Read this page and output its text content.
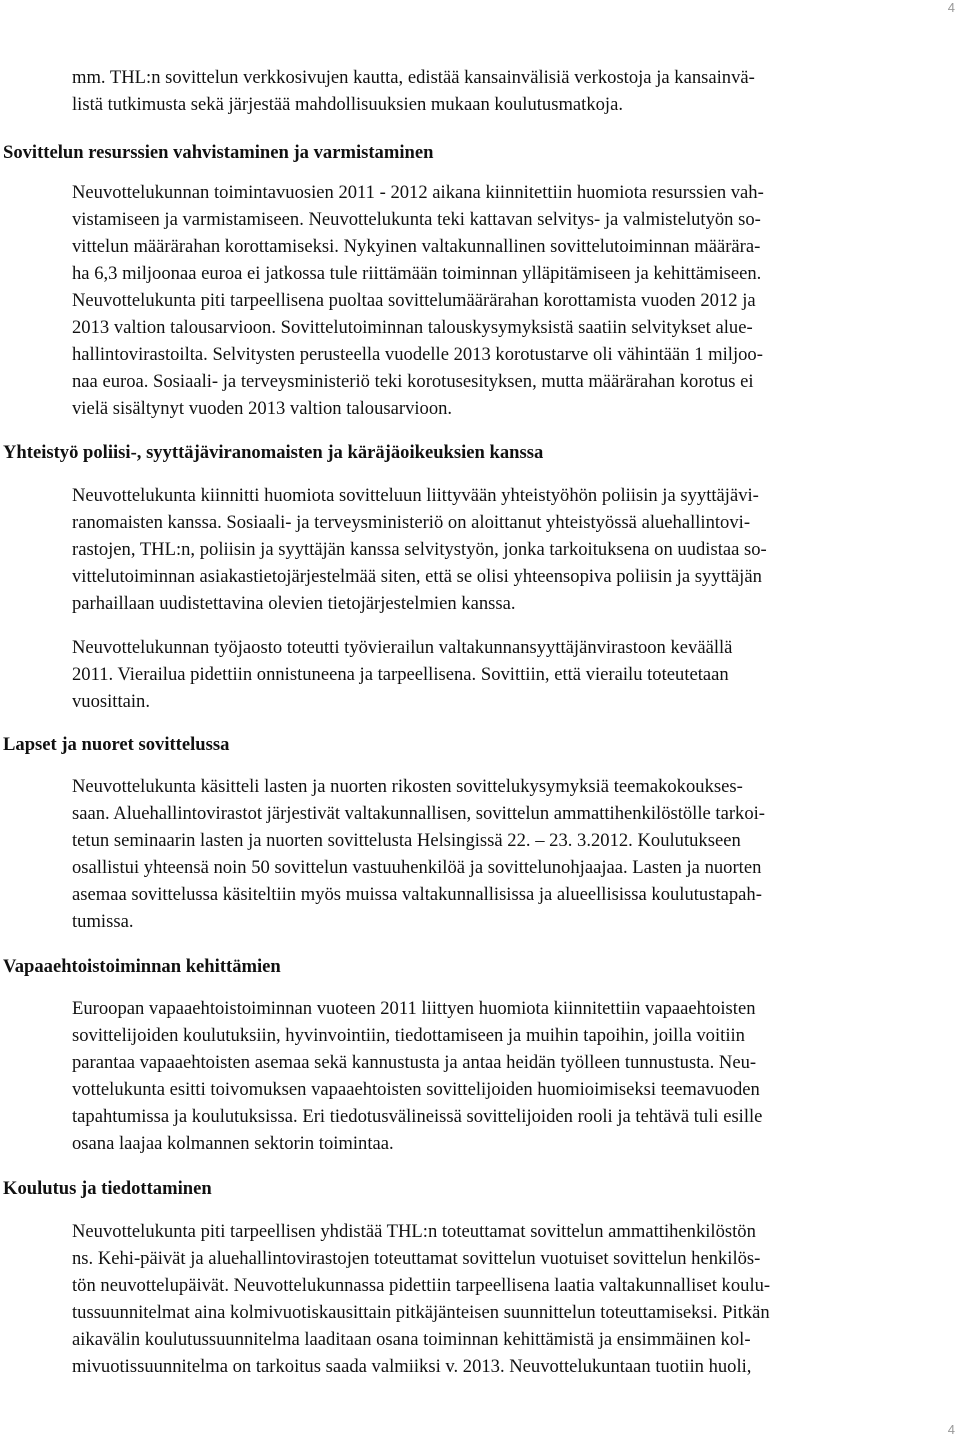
4

mm. THL:n sovittelun verkkosivujen kautta, edistää kansainvälisiä verkostoja ja kansainvä-

listä tutkimusta sekä järjestää mahdollisuuksien mukaan koulutusmatkoja.

Sovittelun resurssien vahvistaminen ja varmistaminen

Neuvottelukunnan toimintavuosien 2011 - 2012 aikana kiinnitettiin huomiota resurssien vah-

vistamiseen ja varmistamiseen. Neuvottelukunta teki kattavan selvitys- ja valmistelutyön so-

vittelun määrärahan korottamiseksi. Nykyinen valtakunnallinen sovittelutoiminnan määrära-

ha 6,3 miljoonaa euroa ei jatkossa tule riittämään toiminnan ylläpitämiseen ja kehittämiseen.

Neuvottelukunta piti tarpeellisena puoltaa sovittelumäärärahan korottamista vuoden 2012 ja

2013 valtion talousarvioon. Sovittelutoiminnan talouskysymyksistä saatiin selvitykset alue-

hallintovirastoilta. Selvitysten perusteella vuodelle 2013 korotustarve oli vähintään 1 miljoo-

naa euroa. Sosiaali- ja terveysministeriö teki korotusesityksen, mutta määrärahan korotus ei

vielä sisältynyt vuoden 2013 valtion talousarvioon.

Yhteistyö poliisi-, syyttäjäviranomaisten ja käräjäoikeuksien kanssa

Neuvottelukunta kiinnitti huomiota sovitteluun liittyvään yhteistyöhön poliisin ja syyttäjävi-

ranomaisten kanssa. Sosiaali- ja terveysministeriö on aloittanut yhteistyössä aluehallintovi-

rastojen, THL:n, poliisin ja syyttäjän kanssa selvitystyön, jonka tarkoituksena on uudistaa so-

vittelutoiminnan asiakastietojärjestelmää siten, että se olisi yhteensopiva poliisin ja syyttäjän

parhaillaan uudistettavina olevien tietojärjestelmien kanssa.

Neuvottelukunnan työjaosto toteutti työvierailun valtakunnansyyttäjänvirastoon keväällä

2011. Vierailua pidettiin onnistuneena ja tarpeellisena. Sovittiin, että vierailu toteutetaan

vuosittain.

Lapset ja nuoret sovittelussa

Neuvottelukunta käsitteli lasten ja nuorten rikosten sovittelukysymyksiä teemakokoukses-

saan. Aluehallintovirastot järjestivät valtakunnallisen, sovittelun ammattihenkilöstölle tarkoi-

tetun seminaarin lasten ja nuorten sovittelusta Helsingissä 22. – 23. 3.2012. Koulutukseen

osallistui yhteensä noin 50 sovittelun vastuuhenkilöä ja sovittelunohjaajaa. Lasten ja nuorten

asemaa sovittelussa käsiteltiin myös muissa valtakunnallisissa ja alueellisissa koulutustapah-

tumissa.

Vapaaehtoistoiminnan kehittämien

Euroopan vapaaehtoistoiminnan vuoteen 2011 liittyen huomiota kiinnitettiin vapaaehtoisten

sovittelijoiden koulutuksiin, hyvinvointiin, tiedottamiseen ja muihin tapoihin, joilla voitiin

parantaa vapaaehtoisten asemaa sekä kannustusta ja antaa heidän työlleen tunnustusta. Neu-

vottelukunta esitti toivomuksen vapaaehtoisten sovittelijoiden huomioimiseksi teemavuoden

tapahtumissa ja koulutuksissa. Eri tiedotusvälineissä sovittelijoiden rooli ja tehtävä tuli esille

osana laajaa kolmannen sektorin toimintaa.

Koulutus ja tiedottaminen

Neuvottelukunta piti tarpeellisen yhdistää THL:n toteuttamat sovittelun ammattihenkilöstön

ns. Kehi-päivät ja aluehallintovirastojen toteuttamat sovittelun vuotuiset sovittelun henkilös-

tön neuvottelupäivät. Neuvottelukunnassa pidettiin tarpeellisena laatia valtakunnalliset koulu-

tussuunnitelmat aina kolmivuotiskausittain pitkäjänteisen suunnittelun toteuttamiseksi. Pitkän

aikavälin koulutussuunnitelma laaditaan osana toiminnan kehittämistä ja ensimmäinen kol-

mivuotissuunnitelma on tarkoitus saada valmiiksi v. 2013. Neuvottelukuntaan tuotiin huoli,

4
